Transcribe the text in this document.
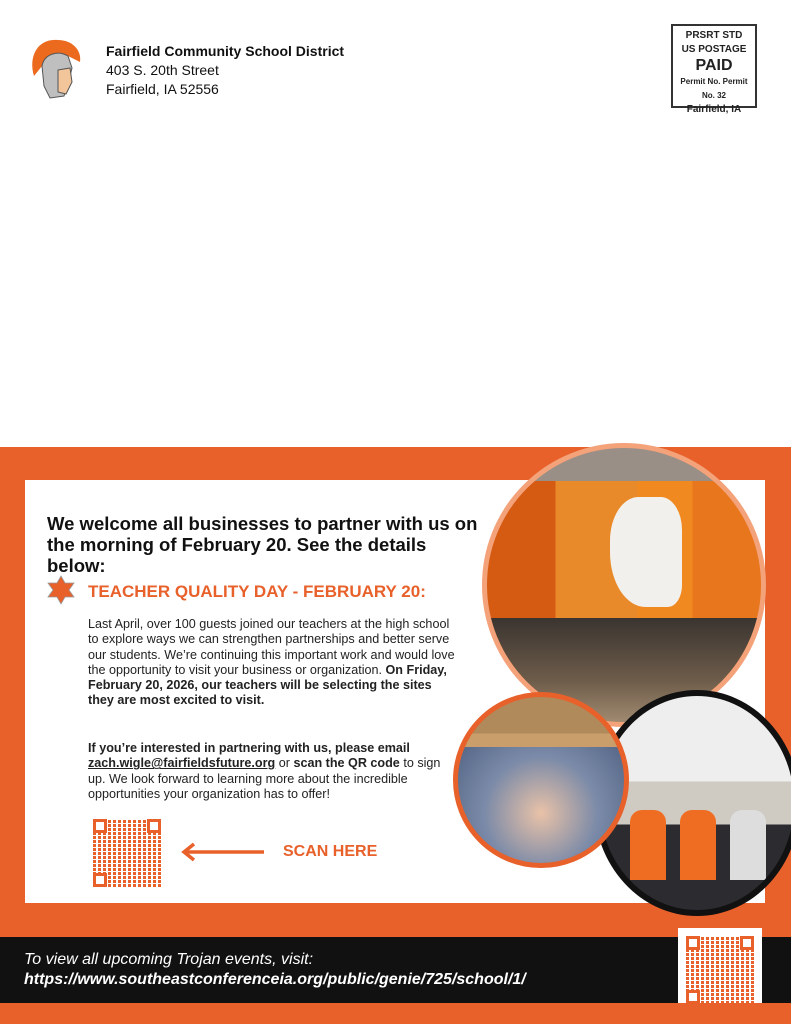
Fairfield Community School District
403 S. 20th Street
Fairfield, IA 52556
PRSRT STD
US POSTAGE
PAID
Permit No. Permit No. 32
Fairfield, IA
We welcome all businesses to partner with us on the morning of February 20. See the details below:
TEACHER QUALITY DAY - FEBRUARY 20:
Last April, over 100 guests joined our teachers at the high school to explore ways we can strengthen partnerships and better serve our students. We’re continuing this important work and would love the opportunity to visit your business or organization. On Friday, February 20, 2026, our teachers will be selecting the sites they are most excited to visit.
If you’re interested in partnering with us, please email zach.wigle@fairfieldsfuture.org or scan the QR code to sign up. We look forward to learning more about the incredible opportunities your organization has to offer!
SCAN HERE
To view all upcoming Trojan events, visit:
https://www.southeastconferenceia.org/public/genie/725/school/1/
